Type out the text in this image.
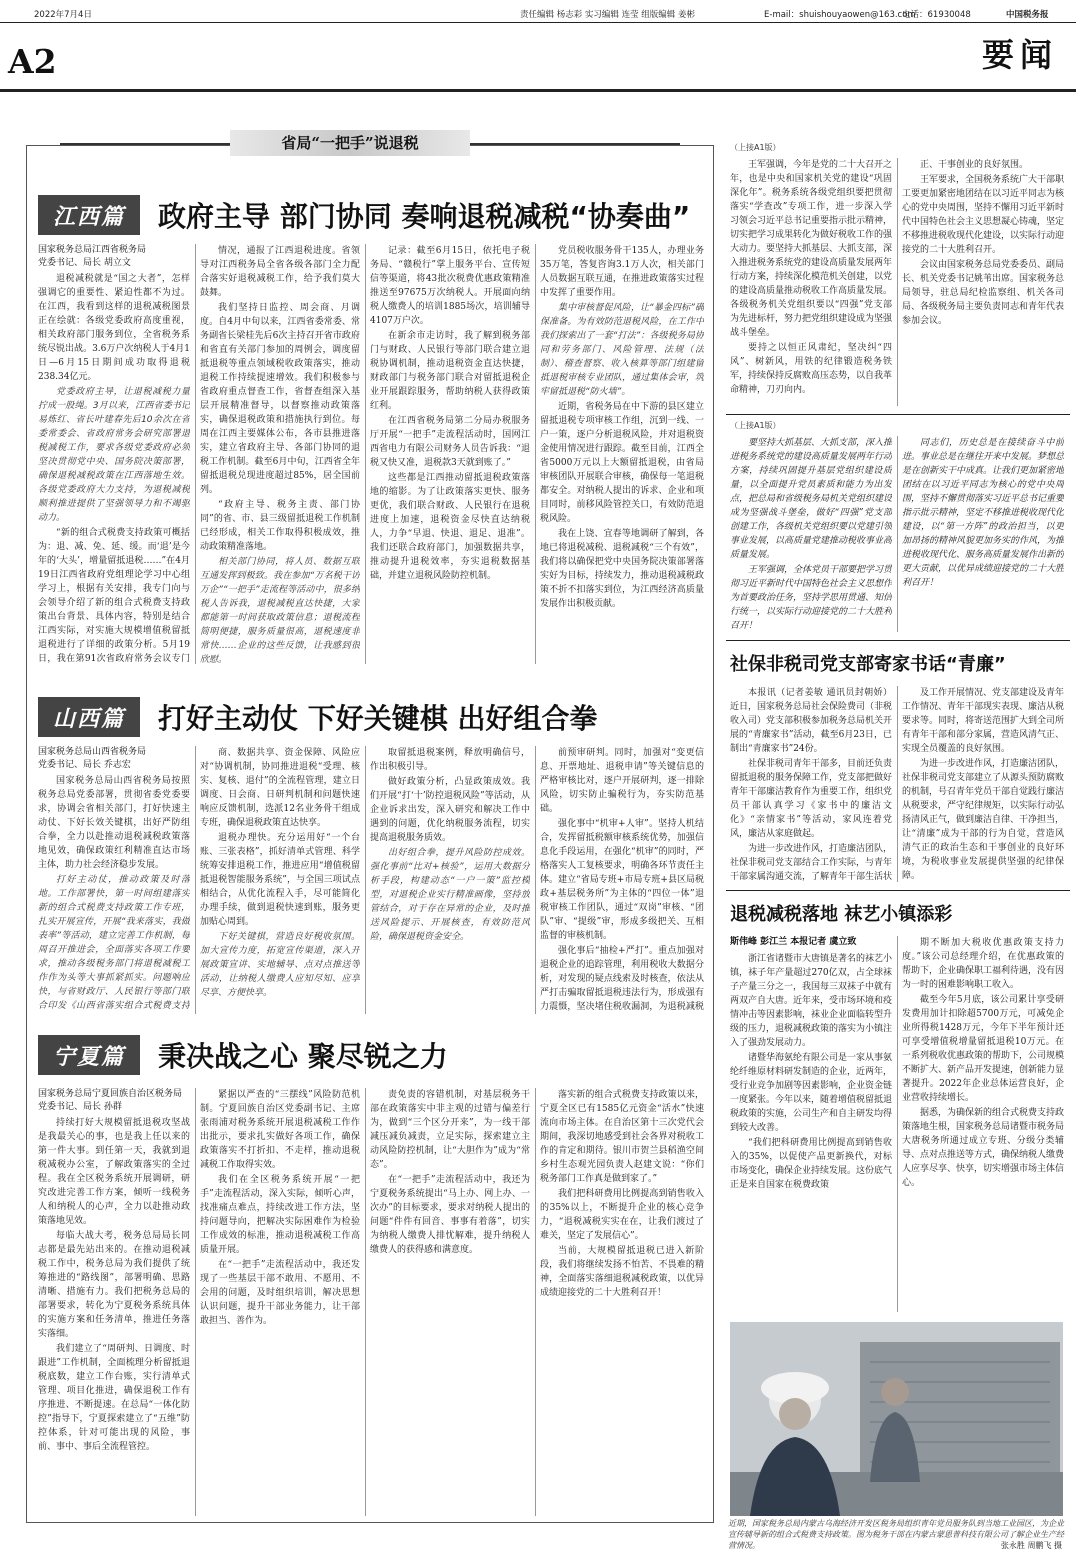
2022年7月4日	责任编辑 杨志彩 实习编辑 连莹 组版编辑 姜彬	E-mail：shuishouyaowen@163.com
电话：61930048	中国税务报
A2	要闻
省局“一把手”说退税
江西篇	政府主导 部门协同 奏响退税减税“协奏曲”
国家税务总局江西省税务局
党委书记、局长 胡立文

退税减税就是“国之大者”，怎样强调它的重要性、紧迫性都不为过。在江西，我看到这样的退税减税图景正在绘就：各级党委政府高度重视，相关政府部门服务到位，全省税务系统尽锐出战。3.6万户次纳税人于4月1日—6月15日期间成功取得退税238.34亿元。

党委政府主导，让退税减税力量拧成一股绳。3月以来，江西省委书记易炼红、省长叶建春先后10余次在省委常委会、省政府常务会研究部署退税减税工作，要求各级党委政府必须坚决贯彻党中央、国务院决策部署，确保退税减税政策在江西落地生效。各级党委政府大力支持，为退税减税顺利推进提供了坚强领导力和不竭驱动力。

“新的组合式税费支持政策可概括为：退、减、免、延、缓。而‘退’是今年的‘大头’，增量留抵退税……”在4月19日江西省政府党组理论学习中心组学习上，根据有关安排，我专门向与会领导介绍了新的组合式税费支持政策出台背景、具体内容，特别是结合江西实际，对实施大规模增值税留抵退税进行了详细的政策分析。5月19日，我在第91次省政府常务会议专门

情况，通报了江西退税进度。省领导对江西税务局全省各级各部门全力配合落实好退税减税工作，给予我们莫大鼓舞。

我们坚持日监控、周会商、月调度。自4月中旬以来，江西省委常委、常务副省长梁桂先后6次主持召开省市政府和省直有关部门参加的周例会，调度留抵退税等重点领域税收政策落实，推动退税工作持续提速增效。我们积极参与省政府重点督查工作，省督查组深入基层开展精准督导，以督察推动政策落实，确保退税政策和措施执行到位。每周在江西主要媒体公布，各市县推进落实，建立省政府主导、各部门协同的退税工作机制。截至6月中旬，江西省全年留抵退税兑现进度超过85%，居全国前列。

“政府主导、税务主责、部门协同”的省、市、县三级留抵退税工作机制已经形成，相关工作取得积极成效，推动政策精准落地。

相关部门协同，将人员、数据互联互通发挥到极致。我在参加“万名税干访万企”“一把手”走流程等活动中，很多纳税人告诉我，退税减税直达快捷，大家都能第一时间获取政策信息；退税流程简明便捷，服务质量很高，退税速度非常快……企业的这些反馈，让我感到很欣慰。

记录：截至6月15日，依托电子税务局、“赣税行”掌上服务平台、宣传短信等渠道，将43批次税费优惠政策精准推送至97675万次纳税人。开展面向纳税人缴费人的培训1885场次，培训辅导4107万户次。

在新余市走访时，我了解到税务部门与财政、人民银行等部门联合建立退税协调机制，推动退税资金直达快捷，财政部门与税务部门联合对留抵退税企业开展跟踪服务，帮助纳税人获得政策红利。

在江西省税务局第二分局办税服务厅开展“一把手”走流程活动时，国网江西省电力有限公司财务人员告诉我：“退税又快又准，退税款3天就到账了。”

这些都是江西推动留抵退税政策落地的缩影。为了让政策落实更快、服务更优，我们联合财政、人民银行在退税进度上加速，退税资金尽快直达纳税人，力争“早退、快退、退足、退准”。我们还联合政府部门，加强数据共享，推动提升退税效率，夯实退税数据基础，并建立退税风险防控机制。

党员税收服务骨干135人，办理业务35万笔，答复咨询3.1万人次，相关部门人员数据互联互通，在推进政策落实过程中发挥了重要作用。

集中审核督促风险，让“暴金四标”确保准备。为有效防范退税风险，在工作中我们探索出了一套“打法”：各级税务局协同和劳务部门、风险管理、法规（法制）、稽查督察、收入核算等部门组建留抵退税审核专业团队，通过集体会审，筑牢留抵退税“防火墙”。

近期，省税务局在中下游的县区建立留抵退税专项审核工作组，沉到一线、一户一策，逐户分析退税风险，并对退税资金使用情况进行跟踪。截至目前，江西全省5000万元以上大额留抵退税，由省局审核团队开展联合审核，确保每一笔退税都安全。对纳税人提出的诉求、企业和项目同时，前移风险管控关口，有效防范退税风险。

我在上饶、宜春等地调研了解到，各地已将退税减税、退税减税“三个有效”，我们将以确保把党中央国务院决策部署落实好为目标，持续发力，推动退税减税政策不折不扣落实到位，为江西经济高质量发展作出积极贡献。

山西篇	打好主动仗 下好关键棋 出好组合拳
国家税务总局山西省税务局
党委书记、局长 乔志宏

国家税务总局山西省税务局按照税务总局党委部署，贯彻省委党委要求，协调会省相关部门，打好快速主动仗、下好长效关键棋，出好严防组合拳，全力以赴推动退税减税政策落地见效，确保政策红利精准直达市场主体，助力社会经济稳步发展。

打好主动仗，推动政策及时落地。工作部署快，第一时间组建落实新的组合式税费支持政策工作专班，扎实开展宣传，开展“我来落实，我做表率”等活动，建立完善工作机制，每周召开推进会，全面落实各项工作要求，推动各级税务部门将退税减税工作作为头等大事抓紧抓实。问题响应快，与省财政厅、人民银行等部门联合印发《山西省落实组合式税费支持

商、数据共享、资金保障、风险应对“协调机制，协同推进退税“受理、核实、复核、退付”的全流程管理，建立日调度、日会商、日研判机制和问题快速响应反馈机制，选派12名业务骨干组成专班，确保退税政策直达快享。

退税办理快。充分运用好“一个台账、三张表格”，抓好清单式管理、科学统筹安排退税工作，推进应用“增值税留抵退税智能服务系统”，与全国三项试点相结合，从优化流程入手，尽可能简化办理手续，做到退税快速到账，服务更加贴心周到。

下好关键棋，营造良好税收氛围。加大宣传力度，拓宽宣传渠道，深入开展政策宣讲、实地辅导、点对点推送等活动，让纳税人缴费人应知尽知、应享尽享、方便快享。

取留抵退税案例，释放明确信号，作出积极引导。

做好政策分析，凸显政策成效。我们开展“打‘十’防控退税风险”等活动，从企业诉求出发，深入研究和解决工作中遇到的问题，优化纳税服务流程，切实提高退税服务质效。

出好组合拳，提升风险防控成效。强化事前“比对+核验”，运用大数据分析手段，构建动态“一户一策”监控模型，对退税企业实行精准画像，坚持放管结合，对于存在异常的企业，及时推送风险提示、开展核查，有效防范风险，确保退税资金安全。

前预审研判。同时，加强对“变更信息、开票地址、退税申请”等关键信息的严格审核比对，逐户开展研判，逐一排除风险，切实防止骗税行为，夯实防范基础。

强化事中“机审+人审”。坚持人机结合，发挥留抵税额审核系统优势，加强信息化手段运用，在强化“机审”的同时，严格落实人工复核要求，明确各环节责任主体。建立“省局专班+市局专班+县区局税政+基层税务所”为主体的“四位一体”退税审核工作团队，通过“双岗”审核、“团队”审、“提级”审，形成多级把关、互相监督的审核机制。

强化事后“抽检+严打”。重点加强对退税企业的追踪管理，利用税收大数据分析，对发现的疑点线索及时核查，依法从严打击骗取留抵退税违法行为，形成强有力震慑，坚决堵住税收漏洞，为退税减税

宁夏篇	秉决战之心 聚尽锐之力
国家税务总局宁夏回族自治区税务局
党委书记、局长 孙群

持续打好大规模留抵退税攻坚战是我最关心的事，也是我上任以来的第一件大事。到任第一天，我就到退税减税办公室，了解政策落实的全过程。我在全区税务系统开展调研，研究改进完善工作方案，倾听一线税务人和纳税人的心声，全力以赴推动政策落地见效。

每临大战大考，税务总局局长同志都是最先站出来的。在推动退税减税工作中，税务总局为我们提供了统筹推进的“路线图”，部署明确、思路清晰、措施有力。我们把税务总局的部署要求，转化为宁夏税务系统具体的实施方案和任务清单，推进任务落实落细。

我们建立了“周研判、日调度、时跟进”工作机制，全面梳理分析留抵退税底数，建立工作台账，实行清单式管理、项目化推进，确保退税工作有序推进、不断提速。在总局“一体化防控”指导下，宁夏探索建立了“五维”防控体系，针对可能出现的风险，事前、事中、事后全流程管控。

紧据以严查的“三摆线”风险防范机制。宁夏回族自治区党委副书记、主席张雨浦对税务系统开展退税减税工作作出批示，要求扎实做好各项工作，确保政策落实不打折扣、不走样，推动退税减税工作取得实效。

我们在全区税务系统开展“一把手”走流程活动，深入实际，倾听心声，找准痛点难点，持续改进工作方法，坚持问题导向，把解决实际困难作为检验工作成效的标准，推动退税减税工作高质量开展。

在“一把手”走流程活动中，我还发现了一些基层干部不敢用、不愿用、不会用的问题，及时组织培训，解决思想认识问题，提升干部业务能力，让干部敢担当、善作为。

责免责的容错机制，对基层税务干部在政策落实中非主观的过错与偏差行为，做到“三个区分开来”，为一线干部减压减负减责，立足实际，探索建立主动风险防控机制，让“大胆作为”成为“常态”。

在“一把手”走流程活动中，我还为宁夏税务系统提出“马上办、网上办、一次办”的目标要求，要求对纳税人提出的问题“件件有回音、事事有着落”，切实为纳税人缴费人排忧解难，提升纳税人缴费人的获得感和满意度。

落实新的组合式税费支持政策以来，宁夏全区已有1585亿元资金“活水”快速流向市场主体。在自治区第十三次党代会期间，我深切地感受到社会各界对税收工作的肯定和期待。银川市贺兰县稻渔空间乡村生态观光园负责人赵建文说：“你们税务部门工作真是做到家了。”

我们把科研费用比例提高到销售收入的35%以上，不断提升企业的核心竞争力，“退税减税实实在在，让我们渡过了难关，坚定了发展信心”。

当前，大规模留抵退税已进入新阶段，我们将继续发扬不怕苦、不畏难的精神，全面落实落细退税减税政策，以优异成绩迎接党的二十大胜利召开！

（上接A1版）

王军强调，今年是党的二十大召开之年，也是中央和国家机关党的建设“巩固深化年”。税务系统各级党组织要把贯彻落实“学查改”专项工作，进一步深入学习领会习近平总书记重要指示批示精神，切实把学习成果转化为做好税收工作的强大动力。要坚持大抓基层、大抓支部，深入推进税务系统党的建设高质量发展两年行动方案，持续深化模范机关创建，以党的建设高质量推动税收工作高质量发展。各级税务机关党组织要以“四强”党支部为先进标杆，努力把党组织建设成为坚强战斗堡垒。

要持之以恒正风肃纪，坚决纠“四风”、树新风，用铁的纪律锻造税务铁军，持续保持反腐败高压态势，以自我革命精神，刀刃向内。

正、干事创业的良好氛围。

王军要求，全国税务系统广大干部职工要更加紧密地团结在以习近平同志为核心的党中央周围，坚持不懈用习近平新时代中国特色社会主义思想凝心铸魂，坚定不移推进税收现代化建设，以实际行动迎接党的二十大胜利召开。

会议由国家税务总局党委委员、副局长、机关党委书记姚苇出席。国家税务总局领导，驻总局纪检监察组、机关各司局、各级税务局主要负责同志和青年代表参加会议。

（上接A1版）

要坚持大抓基层、大抓支部，深入推进税务系统党的建设高质量发展两年行动方案，持续巩固提升基层党组织建设质量，以全面提升党员素质和能力为出发点，把总局和省级税务局机关党组织建设成为坚强战斗堡垒，做好“四强”党支部创建工作，各级机关党组织要以党建引领事业发展，以高质量党建推动税收事业高质量发展。

王军强调，全体党员干部要把学习贯彻习近平新时代中国特色社会主义思想作为首要政治任务，坚持学思用贯通、知信行统一，以实际行动迎接党的二十大胜利召开！

同志们，历史总是在接续奋斗中前进。事业总是在继往开来中发展。梦想总是在创新实干中成真。让我们更加紧密地团结在以习近平同志为核心的党中央周围，坚持不懈贯彻落实习近平总书记重要指示批示精神，坚定不移推进税收现代化建设，以“第一方阵”的政治担当，以更加昂扬的精神风貌更加务实的作风，为推进税收现代化、服务高质量发展作出新的更大贡献，以优异成绩迎接党的二十大胜利召开！

社保非税司党支部寄家书话“青廉”

本报讯（记者姜敏 通讯员封朝娇）近日，国家税务总局社会保险费司（非税收入司）党支部积极参加税务总局机关开展的“青廉家书”活动，截至6月23日，已制出“青廉家书”24份。

社保非税司青年干部多，目前还负责留抵退税的服务保障工作，党支部把做好青年干部廉洁教育作为重要工作，组织党员干部认真学习《家书中的廉洁文化》“亲情家书”等活动，家风连着党风，廉洁从家庭做起。

为进一步改进作风，打造廉洁团队，社保非税司党支部结合工作实际，与青年干部家属沟通交流，了解青年干部生活状

及工作开展情况、党支部建设及青年工作情况、青年干部现实表现、廉洁从税要求等。同时，将寄送范围扩大到全司所有青年干部和部分家属，营造风清气正、实现全员覆盖的良好氛围。

为进一步改进作风，打造廉洁团队，社保非税司党支部建立了从源头预防腐败的机制，号召青年党员干部自觉践行廉洁从税要求，严守纪律规矩，以实际行动弘扬清风正气，做到廉洁自律、干净担当，让“清廉”成为干部的行为自觉，营造风清气正的政治生态和干事创业的良好环境，为税收事业发展提供坚强的纪律保障。

退税减税落地 袜艺小镇添彩
斯伟峰 彭江兰 本报记者 虞立致

浙江省诸暨市大唐镇是著名的袜艺小镇，袜子年产量超过270亿双，占全球袜子产量三分之一，我国每三双袜子中就有两双产自大唐。近年来，受市场环境和疫情冲击等因素影响，袜业企业面临转型升级的压力，退税减税政策的落实为小镇注入了强劲发展动力。

诸暨华海氨纶有限公司是一家从事氨纶纤维原材料研发制造的企业，近两年，受行业竞争加剧等因素影响，企业资金链一度紧张。今年以来，随着增值税留抵退税政策的实施，公司生产和自主研发均得到较大改善。

“我们把科研费用比例提高到销售收入的35%，以促使产品更新换代，对标市场变化，确保企业持续发展。这份底气正是来自国家在税费政策

期不断加大税收优惠政策支持力度。”该公司总经理介绍，在优惠政策的帮助下，企业确保职工福利待遇，没有因为一时的困难影响职工收入。

截至今年5月底，该公司累计享受研发费用加计扣除超5700万元，可减免企业所得税1428万元，今年下半年预计还可享受增值税增量留抵退税10万元。在一系列税收优惠政策的帮助下，公司规模不断扩大、新产品开发提速，创新能力显著提升。2022年企业总体运营良好，企业营收持续增长。

据悉，为确保新的组合式税费支持政策落地生根，国家税务总局诸暨市税务局大唐税务所通过成立专班、分级分类辅导、点对点推送等方式，确保纳税人缴费人应享尽享、快享，切实增强市场主体信心。

近期，国家税务总局内蒙古乌海经济开发区税务局组织青年党员服务队到当地工业园区，为企业宣传辅导新的组合式税费支持政策。图为税务干部在内蒙古蒙恩普科技有限公司了解企业生产经营情况。	张永胜 周鹏飞 摄
